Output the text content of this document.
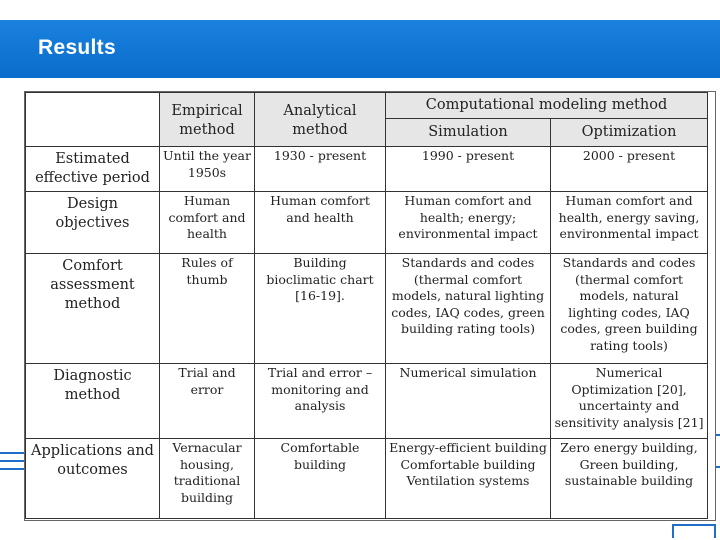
Results
	Empirical method	Analytical method	Computational modeling method	
			Simulation	Optimization
Estimated effective period	Until the year 1950s	1930 - present	1990 - present	2000 - present
Design objectives	Human comfort and health	Human comfort and health	Human comfort and health; energy; environmental impact	Human comfort and health, energy saving, environmental impact
Comfort assessment method	Rules of thumb	Building bioclimatic chart [16-19].	Standards and codes (thermal comfort models, natural lighting codes, IAQ codes, green building rating tools)	Standards and codes (thermal comfort models, natural lighting codes, IAQ codes, green building rating tools)
Diagnostic method	Trial and error	Trial and error – monitoring and analysis	Numerical simulation	Numerical Optimization [20], uncertainty and sensitivity analysis [21]
Applications and outcomes	Vernacular housing, traditional building	Comfortable building	Energy-efficient building Comfortable building Ventilation systems	Zero energy building, Green building, sustainable building
